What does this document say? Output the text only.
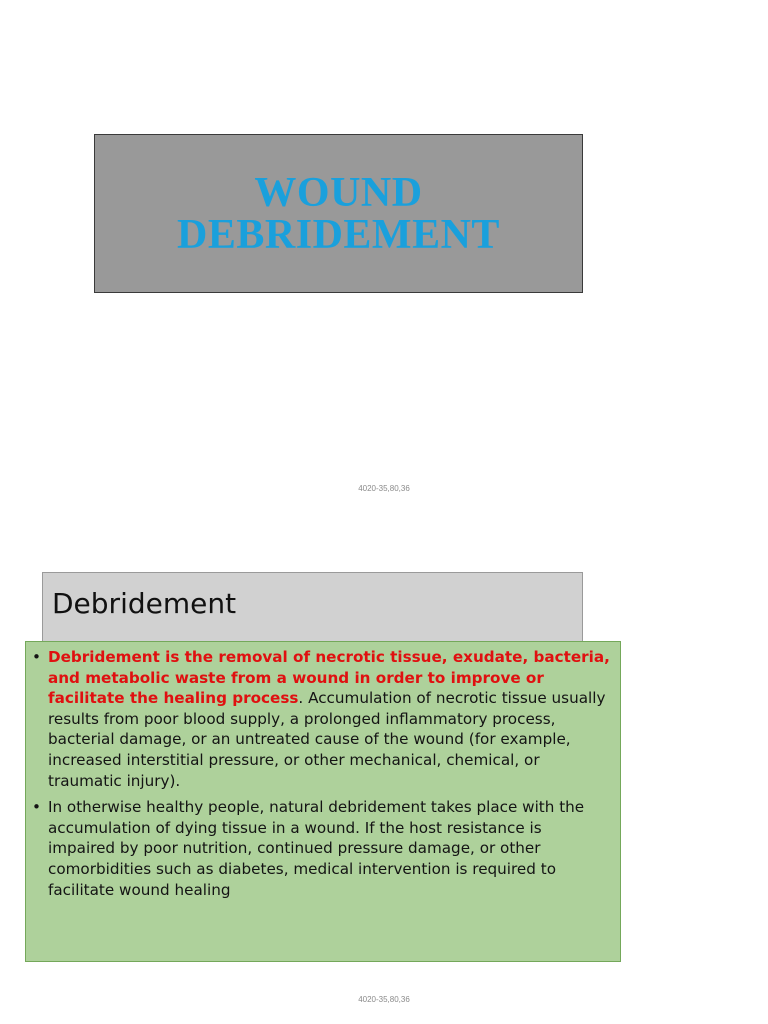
WOUND
DEBRIDEMENT
4020-35,80,36
Debridement
• Debridement is the removal of necrotic tissue, exudate, bacteria, and metabolic waste from a wound in order to improve or facilitate the healing process. Accumulation of necrotic tissue usually results from poor blood supply, a prolonged inflammatory process, bacterial damage, or an untreated cause of the wound (for example, increased interstitial pressure, or other mechanical, chemical, or traumatic injury).
• In otherwise healthy people, natural debridement takes place with the accumulation of dying tissue in a wound. If the host resistance is impaired by poor nutrition, continued pressure damage, or other comorbidities such as diabetes, medical intervention is required to facilitate wound healing
4020-35,80,36
